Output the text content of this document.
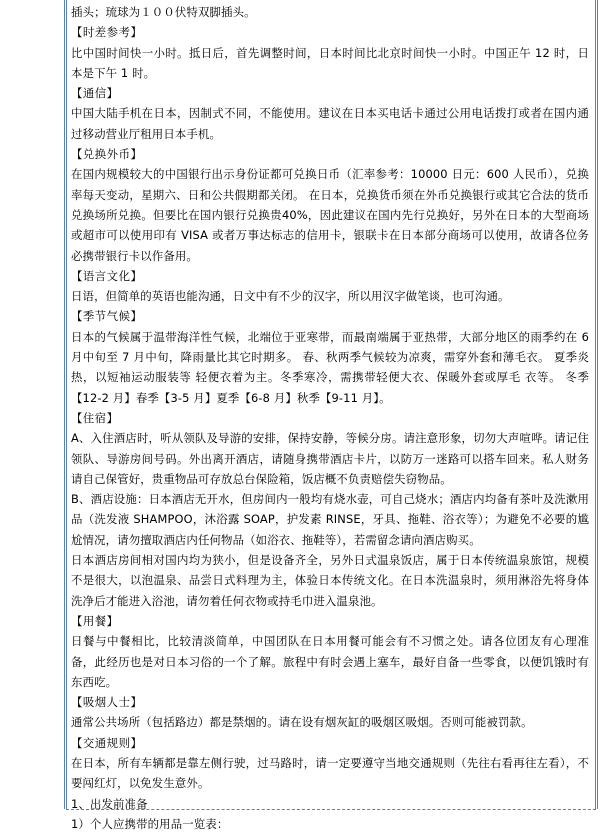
插头；琉球为１００伏特双脚插头。

【时差参考】

比中国时间快一小时。抵日后，首先调整时间，日本时间比北京时间快一小时。中国正午 12 时，日本是下午 1 时。

【通信】

中国大陆手机在日本，因制式不同，不能使用。建议在日本买电话卡通过公用电话拨打或者在国内通过移动营业厅租用日本手机。

【兑换外币】

在国内规模较大的中国银行出示身份证都可兑换日币（汇率参考：10000 日元：600 人民币），兑换率每天变动，星期六、日和公共假期都关闭。 在日本，兑换货币须在外币兑换银行或其它合法的货币兑换场所兑换。但要比在国内银行兑换贵40%，因此建议在国内先行兑换好，另外在日本的大型商场或超市可以使用印有 VISA 或者万事达标志的信用卡，银联卡在日本部分商场可以使用，故请各位务必携带银行卡以作备用。

【语言文化】

日语，但简单的英语也能沟通，日文中有不少的汉字，所以用汉字做笔谈，也可沟通。

【季节气候】

日本的气候属于温带海洋性气候，北端位于亚寒带，而最南端属于亚热带，大部分地区的雨季约在 6 月中旬至 7 月中旬，降雨量比其它时期多。 春、秋两季气候较为凉爽，需穿外套和薄毛衣。 夏季炎热，以短袖运动服装等 轻便衣着为主。冬季寒冷，需携带轻便大衣、保暖外套或厚毛 衣等。 冬季【12-2 月】春季【3-5 月】夏季【6-8 月】秋季【9-11 月】。

【住宿】

A、入住酒店时，听从领队及导游的安排，保持安静，等候分房。请注意形象，切勿大声喧哗。请记住领队、导游房间号码。外出离开酒店，请随身携带酒店卡片，以防万一迷路可以搭车回来。私人财务请自己保管好，贵重物品可存放总台保险箱，饭店概不负责赔偿失窃物品。

B、酒店设施：日本酒店无开水，但房间内一般均有烧水壶，可自己烧水；酒店内均备有茶叶及洗漱用品（洗发液 SHAMPOO，沐浴露 SOAP，护发素 RINSE，牙具、拖鞋、浴衣等）；为避免不必要的尴尬情况，请勿擅取酒店内任何物品（如浴衣、拖鞋等），若需留念请向酒店购买。

日本酒店房间相对国内均为狭小，但是设备齐全，另外日式温泉饭店，属于日本传统温泉旅馆，规模不是很大，以泡温泉、品尝日式料理为主，体验日本传统文化。在日本洗温泉时，须用淋浴先将身体洗净后才能进入浴池，请勿着任何衣物或持毛巾进入温泉池。

【用餐】

日餐与中餐相比，比较清淡简单，中国团队在日本用餐可能会有不习惯之处。请各位团友有心理准备，此经历也是对日本习俗的一个了解。旅程中有时会遇上塞车，最好自备一些零食，以便饥饿时有东西吃。

【吸烟人士】

通常公共场所（包括路边）都是禁烟的。请在设有烟灰缸的吸烟区吸烟。否则可能被罚款。

【交通规则】

在日本，所有车辆都是靠左侧行驶，过马路时，请一定要遵守当地交通规则（先往右看再往左看），不要闯红灯，以免发生意外。

1、出发前准备

1）个人应携带的用品一览表：
